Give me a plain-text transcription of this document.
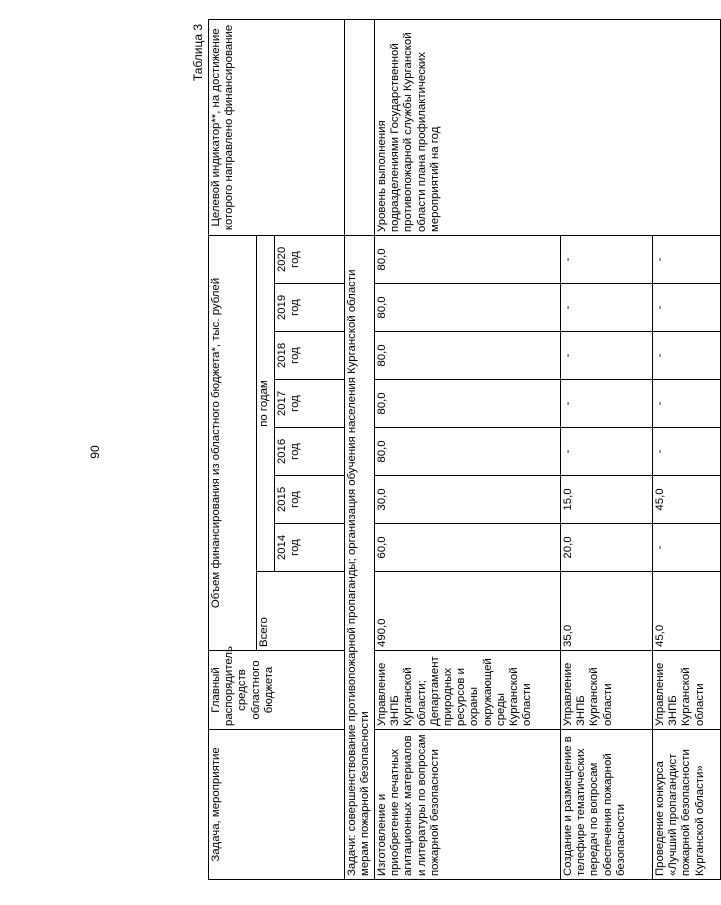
90
Таблица 3
Задача, мероприятие	Главный распорядитель средств областного бюджета	Объем финансирования из областного бюджета*, тыс. рублей								Целевой индикатор**, на достижение которого направлено финансирование
		Всего	по годам							
			2014 год	2015 год	2016 год	2017 год	2018 год	2019 год	2020 год	
Задачи: совершенствование противопожарной пропаганды; организация обучения населения Курганской области мерам пожарной безопасности										
Изготовление и приобретение печатных агитационных материалов и литературы по вопросам пожарной безопасности	Управление ЗНПБ Курганской области; Департамент природных ресурсов и охраны окружающей среды Курганской области	490,0	60,0	30,0	80,0	80,0	80,0	80,0	80,0	Уровень выполнения подразделениями Государственной противопожарной службы Курганской области плана профилактических мероприятий на год
Создание и размещение в телефире тематических передач по вопросам обеспечения пожарной безопасности	Управление ЗНПБ Курганской области	35,0	20,0	15,0	-	-	-	-	-	
Проведение конкурса «Лучший пропагандист пожарной безопасности Курганской области»	Управление ЗНПБ Курганской области	45,0	-	45,0	-	-	-	-	-	
